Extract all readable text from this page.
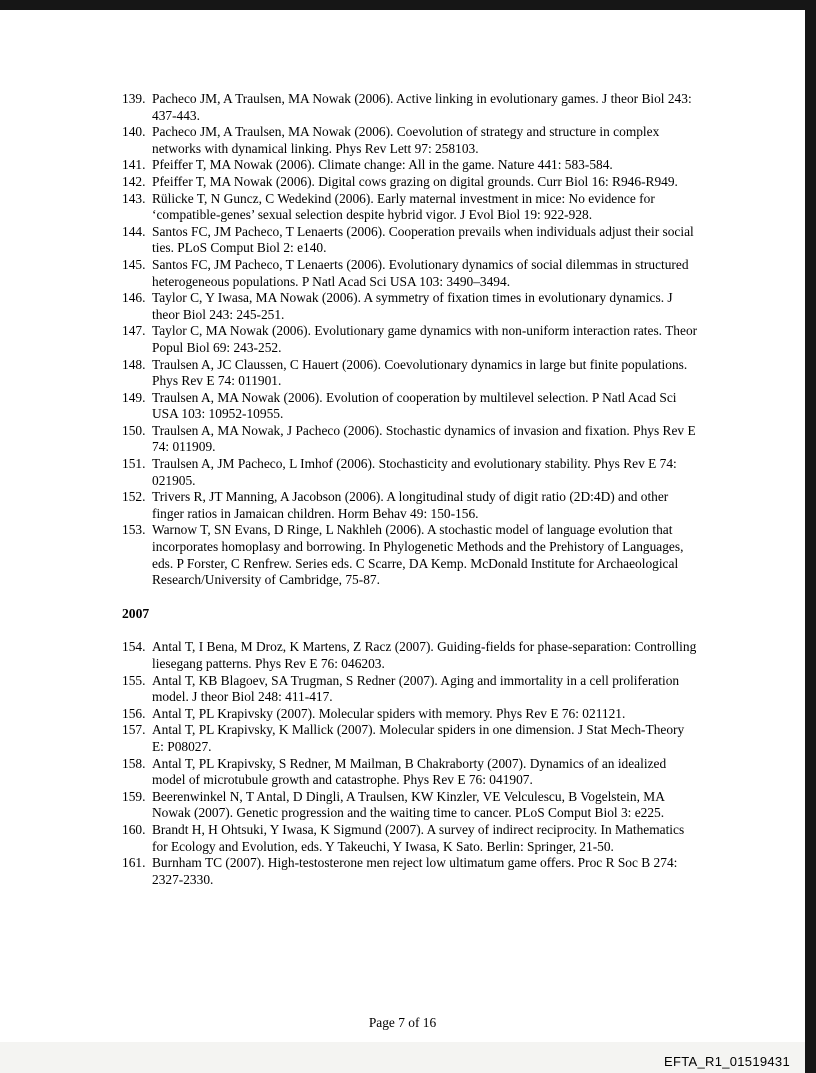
139. Pacheco JM, A Traulsen, MA Nowak (2006). Active linking in evolutionary games. J theor Biol 243: 437-443.
140. Pacheco JM, A Traulsen, MA Nowak (2006). Coevolution of strategy and structure in complex networks with dynamical linking. Phys Rev Lett 97: 258103.
141. Pfeiffer T, MA Nowak (2006). Climate change: All in the game. Nature 441: 583-584.
142. Pfeiffer T, MA Nowak (2006). Digital cows grazing on digital grounds. Curr Biol 16: R946-R949.
143. Rülicke T, N Guncz, C Wedekind (2006). Early maternal investment in mice: No evidence for ‘compatible-genes’ sexual selection despite hybrid vigor. J Evol Biol 19: 922-928.
144. Santos FC, JM Pacheco, T Lenaerts (2006). Cooperation prevails when individuals adjust their social ties. PLoS Comput Biol 2: e140.
145. Santos FC, JM Pacheco, T Lenaerts (2006). Evolutionary dynamics of social dilemmas in structured heterogeneous populations. P Natl Acad Sci USA 103: 3490–3494.
146. Taylor C, Y Iwasa, MA Nowak (2006). A symmetry of fixation times in evolutionary dynamics. J theor Biol 243: 245-251.
147. Taylor C, MA Nowak (2006). Evolutionary game dynamics with non-uniform interaction rates. Theor Popul Biol 69: 243-252.
148. Traulsen A, JC Claussen, C Hauert (2006). Coevolutionary dynamics in large but finite populations. Phys Rev E 74: 011901.
149. Traulsen A, MA Nowak (2006). Evolution of cooperation by multilevel selection. P Natl Acad Sci USA 103: 10952-10955.
150. Traulsen A, MA Nowak, J Pacheco (2006). Stochastic dynamics of invasion and fixation. Phys Rev E 74: 011909.
151. Traulsen A, JM Pacheco, L Imhof (2006). Stochasticity and evolutionary stability. Phys Rev E 74: 021905.
152. Trivers R, JT Manning, A Jacobson (2006). A longitudinal study of digit ratio (2D:4D) and other finger ratios in Jamaican children. Horm Behav 49: 150-156.
153. Warnow T, SN Evans, D Ringe, L Nakhleh (2006). A stochastic model of language evolution that incorporates homoplasy and borrowing. In Phylogenetic Methods and the Prehistory of Languages, eds. P Forster, C Renfrew. Series eds. C Scarre, DA Kemp. McDonald Institute for Archaeological Research/University of Cambridge, 75-87.
2007
154. Antal T, I Bena, M Droz, K Martens, Z Racz (2007). Guiding-fields for phase-separation: Controlling liesegang patterns. Phys Rev E 76: 046203.
155. Antal T, KB Blagoev, SA Trugman, S Redner (2007). Aging and immortality in a cell proliferation model. J theor Biol 248: 411-417.
156. Antal T, PL Krapivsky (2007). Molecular spiders with memory. Phys Rev E 76: 021121.
157. Antal T, PL Krapivsky, K Mallick (2007). Molecular spiders in one dimension. J Stat Mech-Theory E: P08027.
158. Antal T, PL Krapivsky, S Redner, M Mailman, B Chakraborty (2007). Dynamics of an idealized model of microtubule growth and catastrophe. Phys Rev E 76: 041907.
159. Beerenwinkel N, T Antal, D Dingli, A Traulsen, KW Kinzler, VE Velculescu, B Vogelstein, MA Nowak (2007). Genetic progression and the waiting time to cancer. PLoS Comput Biol 3: e225.
160. Brandt H, H Ohtsuki, Y Iwasa, K Sigmund (2007). A survey of indirect reciprocity. In Mathematics for Ecology and Evolution, eds. Y Takeuchi, Y Iwasa, K Sato. Berlin: Springer, 21-50.
161. Burnham TC (2007). High-testosterone men reject low ultimatum game offers. Proc R Soc B 274: 2327-2330.
Page 7 of 16
EFTA_R1_01519431
